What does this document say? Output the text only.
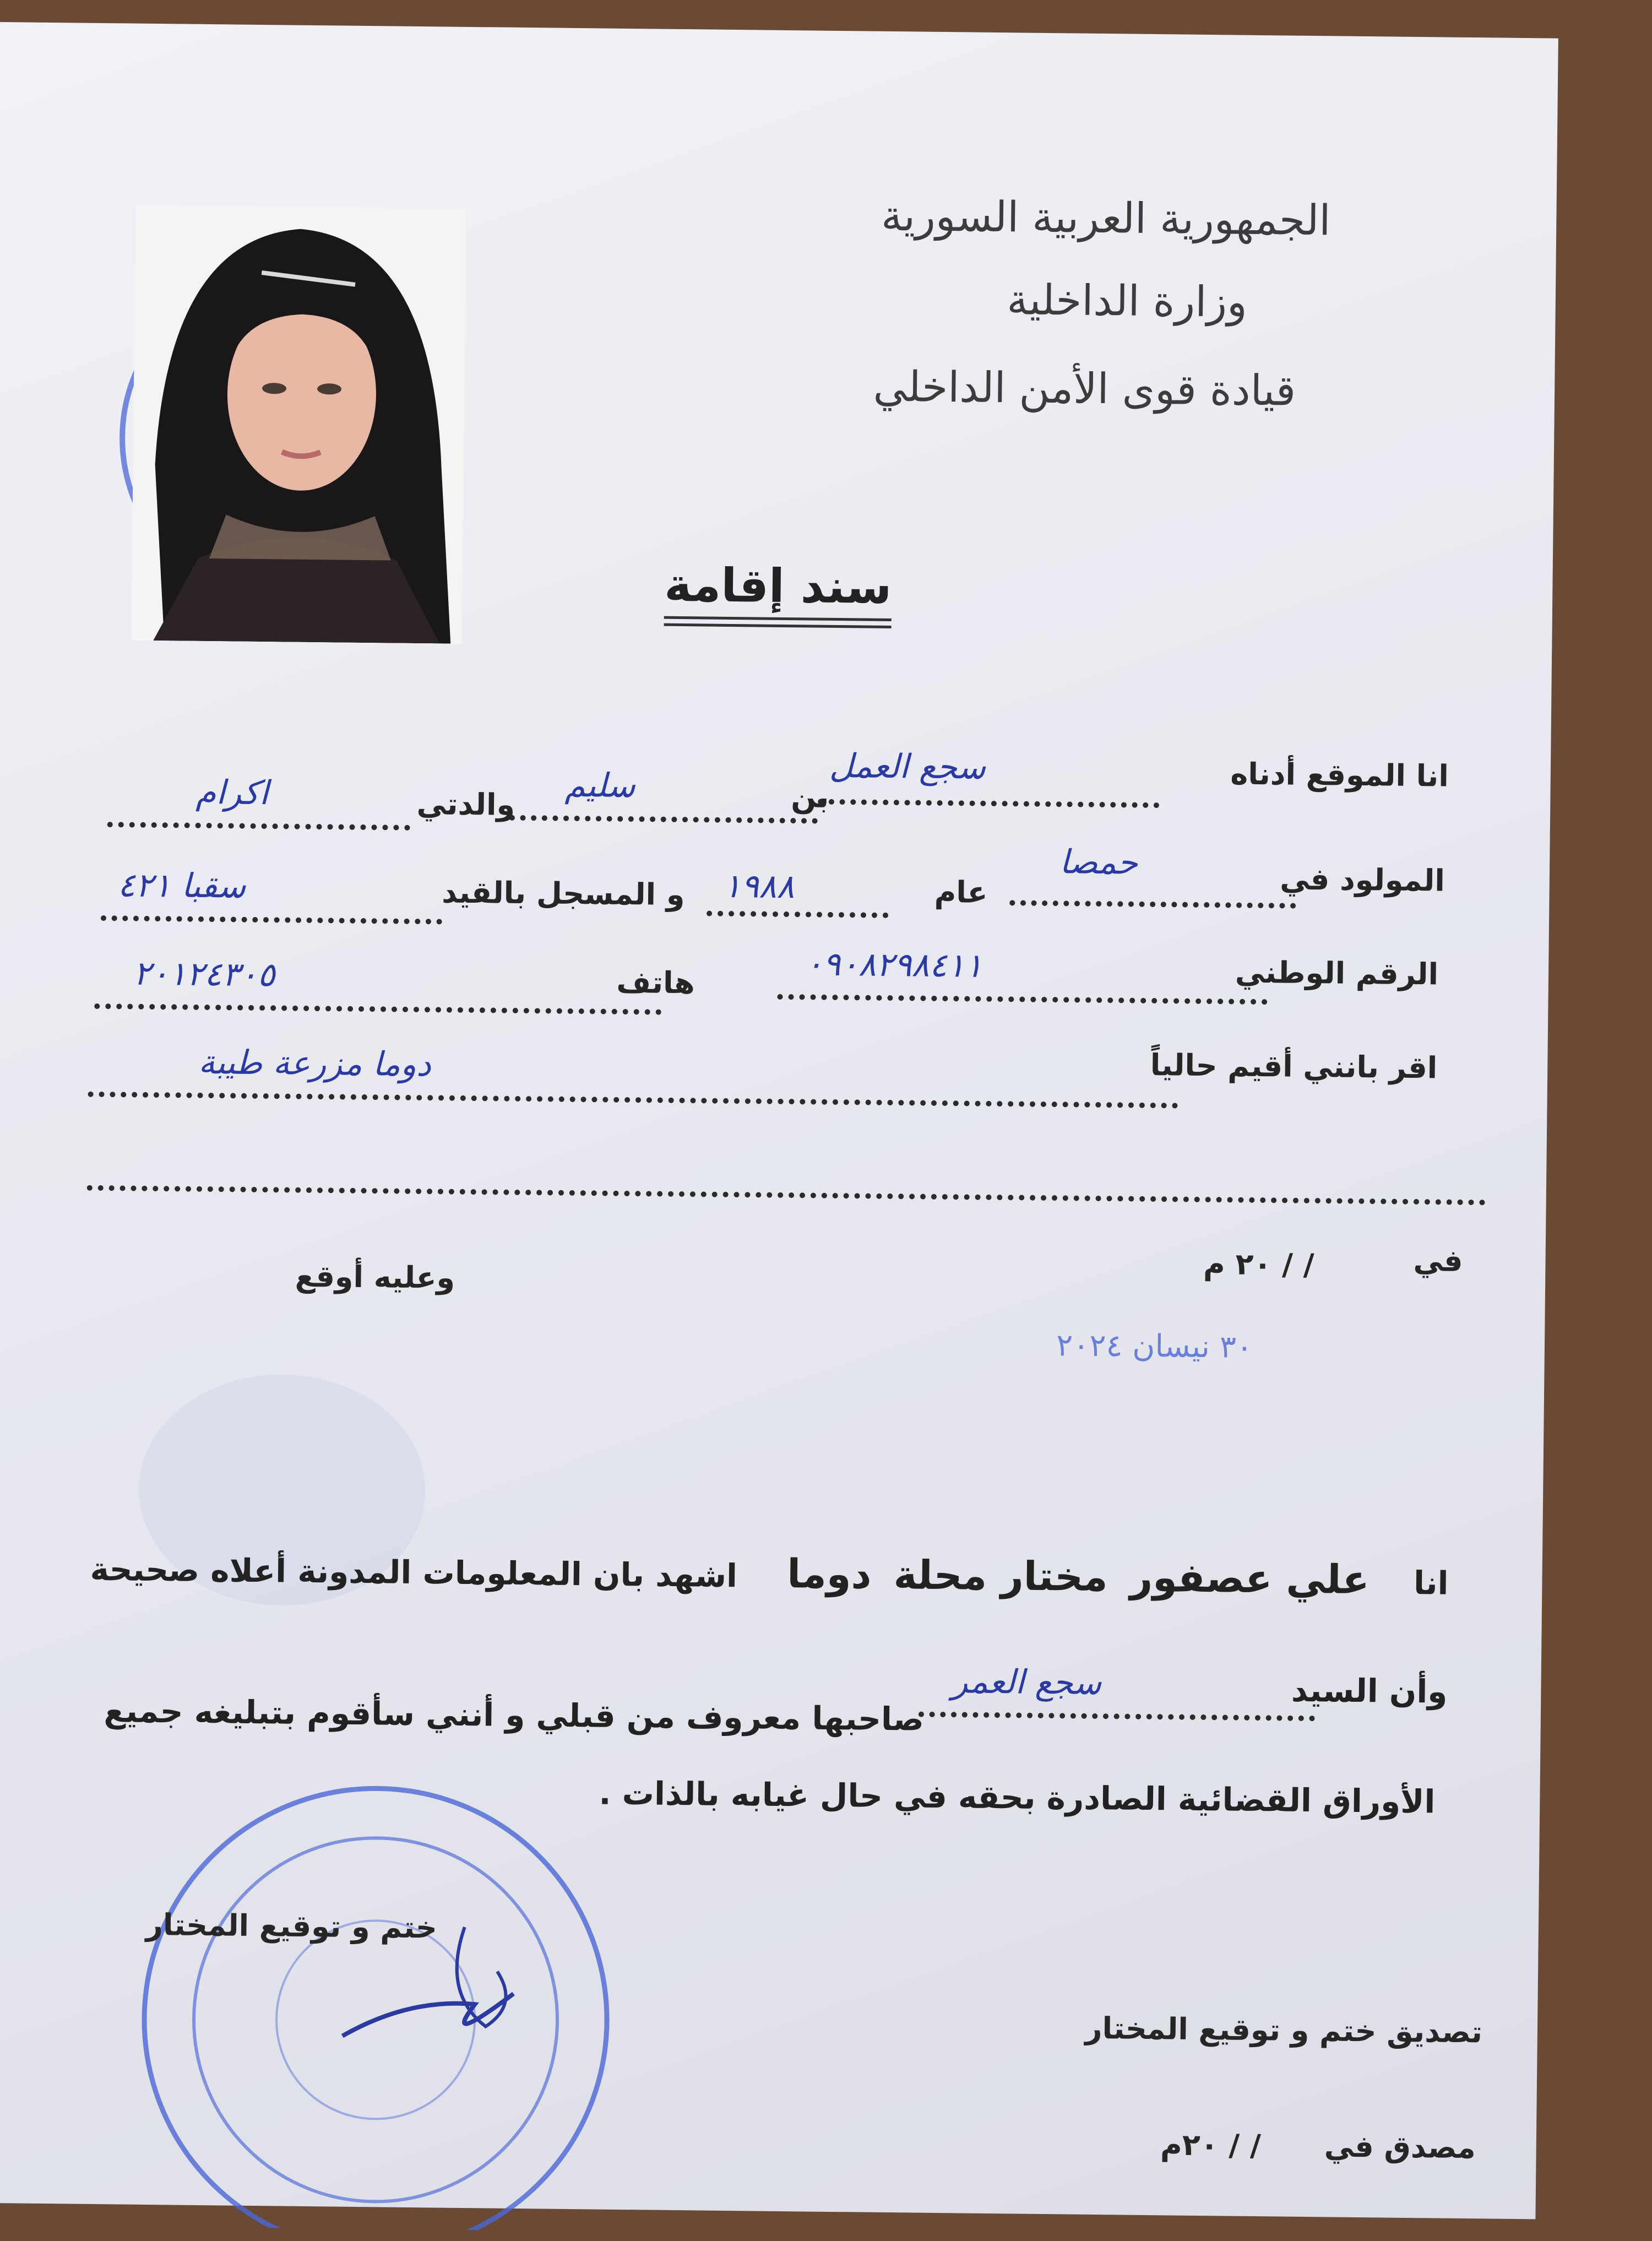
الجمهورية العربية السورية
وزارة الداخلية
قيادة قوى الأمن الداخلي
سند إقامة
انا الموقع أدناه
سجع العمل
بن
سليم
والدتي
اكرام
المولود في
حمصا
عام
١٩٨٨
و المسجل بالقيد
سقبا ٤٢١
الرقم الوطني
٠٩٠٨٢٩٨٤١١
هاتف
٢٠١٢٤٣٠٥
اقر بانني أقيم حالياً
دوما مزرعة طيبة
في
/ / ٢٠ م
وعليه أوقع
٣٠ نيسان ٢٠٢٤
انا علي عصفور مختار محلة دوما اشهد بان المعلومات المدونة أعلاه صحيحة
وأن السيد
سجع العمر
صاحبها معروف من قبلي و أنني سأقوم بتبليغه جميع
الأوراق القضائية الصادرة بحقه في حال غيابه بالذات .
ختم و توقيع المختار
تصديق ختم و توقيع المختار
مصدق في
/ / ٢٠م
